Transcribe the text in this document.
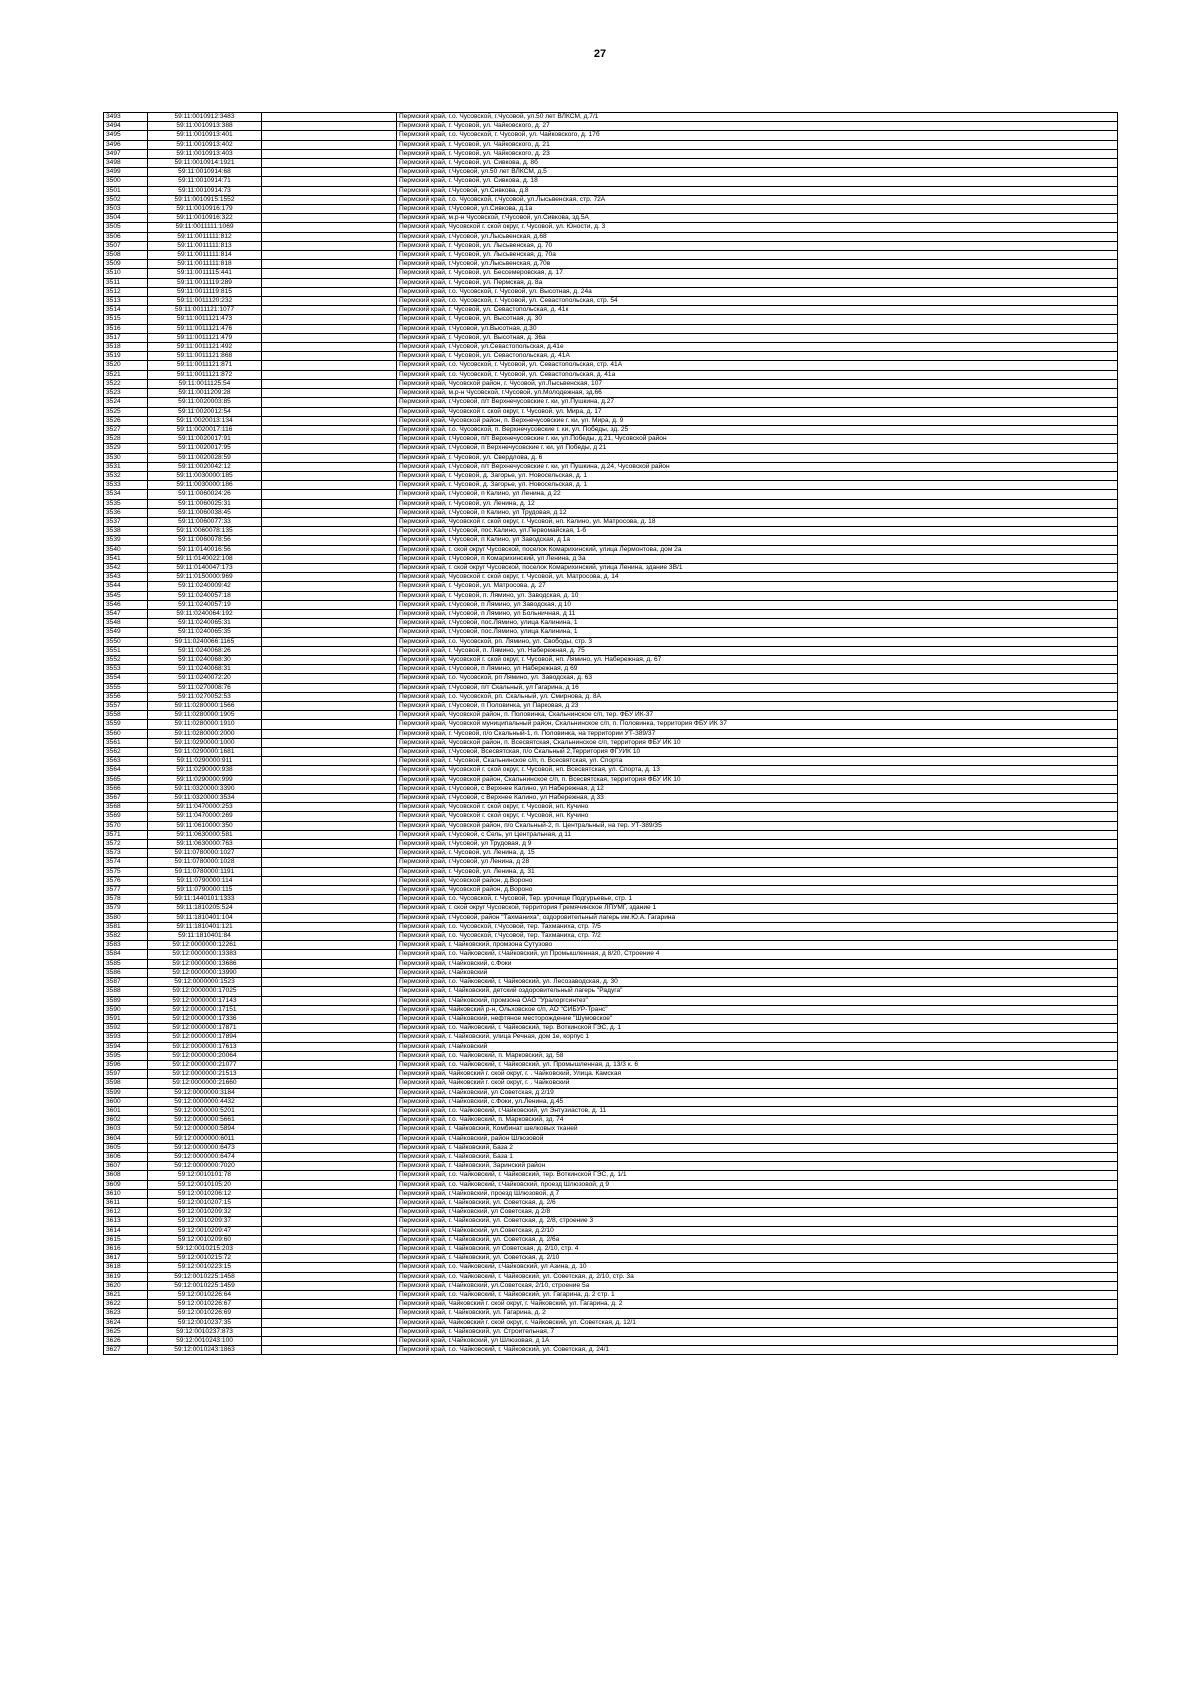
27
3493	59:11:0010912:3483		Пермский край, г.о. Чусовской, г.Чусовой, ул.50 лет ВЛКСМ, д.7/1
3494	59:11:0010913:388		Пермский край, г. Чусовой, ул. Чайковского, д. 27
3495	59:11:0010913:401		Пермский край, г.о. Чусовской, г. Чусовой, ул. Чайковского, д. 17б
3496	59:11:0010913:402		Пермский край, г. Чусовой, ул. Чайковского, д. 21
3497	59:11:0010913:403		Пермский край, г. Чусовой, ул. Чайковского, д. 23
3498	59:11:0010914:1921		Пермский край, г. Чусовой, ул. Сивкова, д. 8б
3499	59:11:0010914:68		Пермский край, г.Чусовой, ул.50 лет ВЛКСМ, д.5
3500	59:11:0010914:71		Пермский край, г. Чусовой, ул. Сивкова, д. 18
3501	59:11:0010914:73		Пермский край, г.Чусовой, ул.Сивкова, д.8
3502	59:11:0010915:1552		Пермский край, г.о. Чусовской, г.Чусовой, ул.Лысьвенская, стр. 72А
3503	59:11:0010916:179		Пермский край, г.Чусовой, ул.Сивкова, д.1а
3504	59:11:0010916:322		Пермский край, м.р-н Чусовской, г.Чусовой, ул.Сивкова, зд.5А
3505	59:11:0011111:1069		Пермский край, Чусовской г. ской округ, г. Чусовой, ул. Юности, д. 3
3506	59:11:0011111:812		Пермский край, г.Чусовой, ул.Лысьвенская, д.68
3507	59:11:0011111:813		Пермский край, г. Чусовой, ул. Лысьвенская, д. 70
3508	59:11:0011111:814		Пермский край, г. Чусовой, ул. Лысьвенская, д. 70а
3509	59:11:0011111:818		Пермский край, г.Чусовой, ул.Лысьвенская, д.70в
3510	59:11:0011115:441		Пермский край, г. Чусовой, ул. Бессемеровская, д. 17
3511	59:11:0011119:289		Пермский край, г. Чусовой, ул. Пермская, д. 8а
3512	59:11:0011119:815		Пермский край, г.о. Чусовской, г. Чусовой, ул. Высотная, д. 24а
3513	59:11:0011120:232		Пермский край, г.о. Чусовской, г. Чусовой, ул. Севастопольская, стр. 54
3514	59:11:0011121:1077		Пермский край, г. Чусовой, ул. Севастопольская, д. 41к
3515	59:11:0011121:473		Пермский край, г. Чусовой, ул. Высотная, д. 30
3516	59:11:0011121:476		Пермский край, г.Чусовой, ул.Высотная, д.30
3517	59:11:0011121:479		Пермский край, г. Чусовой, ул. Высотная, д. 36а
3518	59:11:0011121:492		Пермский край, г.Чусовой, ул.Севастопольская, д.41е
3519	59:11:0011121:868		Пермский край, г. Чусовой, ул. Севастопольская, д. 41А
3520	59:11:0011121:871		Пермский край, г.о. Чусовской, г. Чусовой, ул. Севастопольская, стр. 41А
3521	59:11:0011121:872		Пермский край, г.о. Чусовской, г. Чусовой, ул. Севастопольская, д. 41а
3522	59:11:0011125:54		Пермский край, Чусовской район, г. Чусовой, ул.Лысьвенская, 107
3523	59:11:0011209:28		Пермский край, м.р-н Чусовской, г.Чусовой, ул.Молодежная, зд.66
3524	59:11:0020003:85		Пермский край, г.Чусовой, п/т Верхнечусовские г. ки, ул.Пушкина, д.27
3525	59:11:0020012:54		Пермский край, Чусовской г. ской округ, г. Чусовой, ул. Мира, д. 17
3526	59:11:0020013:134		Пермский край, Чусовской район, п. Верхнечусовские г. ки, ул. Мира, д. 9
3527	59:11:0020017:116		Пермский край, г.о. Чусовской, п. Верхнечусовские г. ки, ул. Победы, зд. 25
3528	59:11:0020017:91		Пермский край, г.Чусовой, п/т Верхнечусовские г. ки, ул.Победы, д.21, Чусовской район
3529	59:11:0020017:95		Пермский край, г.Чусовой, п Верхнечусовские г. ки, ул Победы, д 21
3530	59:11:0020028:59		Пермский край, г. Чусовой, ул. Свердлова, д. 6
3531	59:11:0020042:12		Пермский край, г.Чусовой, п/т Верхнечусовские г. ки, ул Пушкина, д.24, Чусовской район
3532	59:11:0030000:185		Пермский край, г. Чусовой, д. Загорье, ул. Новосельская, д. 1
3533	59:11:0030000:186		Пермский край, г. Чусовой, д. Загорье, ул. Новосельская, д. 1
3534	59:11:0060024:26		Пермский край, г.Чусовой, п Калино, ул Ленина, д 22
3535	59:11:0060025:31		Пермский край, г. Чусовой, ул. Ленина, д. 12
3536	59:11:0060038:45		Пермский край, г.Чусовой, п Калино, ул Трудовая, д 12
3537	59:11:0060077:33		Пермский край, Чусовской г. ской округ, г. Чусовой, нп. Калино, ул. Матросова, д. 18
3538	59:11:0060078:135		Пермский край, г.Чусовой, пос.Калино, ул.Первомайская, 1-б
3539	59:11:0060078:56		Пермский край, г.Чусовой, п Калино, ул Заводская, д 1а
3540	59:11:0140016:56		Пермский край, г. ской округ Чусовской, поселок Комарихинский, улица Лермонтова, дом 2а
3541	59:11:0140022:108		Пермский край, г.Чусовой, п Комарихинский, ул Ленина, д 3а
3542	59:11:0140047:173		Пермский край, г. ской округ Чусовской, поселок Комарихинский, улица Ленина, здание 3В/1
3543	59:11:0150000:969		Пермский край, Чусовской г. ской округ, г. Чусовой, ул. Матросова, д. 14
3544	59:11:0240009:42		Пермский край, г. Чусовой, ул. Матросова, д. 27
3545	59:11:0240057:18		Пермский край, г. Чусовой, п. Лямино, ул. Заводская, д. 10
3546	59:11:0240057:19		Пермский край, г.Чусовой, п Лямино, ул Заводская, д 10
3547	59:11:0240064:192		Пермский край, г.Чусовой, п Лямино, ул Больничная, д 11
3548	59:11:0240065:31		Пермский край, г.Чусовой, пос.Лямино, улица Калинина, 1
3549	59:11:0240065:35		Пермский край, г.Чусовой, пос.Лямино, улица Калинина, 1
3550	59:11:0240066:1165		Пермский край, г.о. Чусовской, рп. Лямино, ул. Свободы, стр. 3
3551	59:11:0240068:26		Пермский край, г. Чусовой, п. Лямино, ул. Набережная, д. 75
3552	59:11:0240068:30		Пермский край, Чусовской г. ской округ, г. Чусовой, нп. Лямино, ул. Набережная, д. 67
3553	59:11:0240068:31		Пермский край, г.Чусовой, п Лямино, ул Набережная, д 69
3554	59:11:0240072:20		Пермский край, г.о. Чусовской, рп Лямино, ул. Заводская, д. 63
3555	59:11:0270008:76		Пермский край, г.Чусовой, п/т Скальный, ул Гагарина, д 16
3556	59:11:0270052:53		Пермский край, г.о. Чусовской, рп. Скальный, ул. Смирнова, д. 8А
3557	59:11:0280000:1566		Пермский край, г.Чусовой, п Половинка, ул Парковая, д 23
3558	59:11:0280000:1905		Пермский край, Чусовской район, п. Половинка, Скальнинское с/п, тер. ФБУ ИК-37
3559	59:11:0280000:1910		Пермский край, Чусовской муниципальный район, Скальнинское с/п, п. Половинка, территория ФБУ ИК 37
3560	59:11:0280000:2000		Пермский край, г. Чусовой, п/о Скальный-1, п. Половинка, на территории УТ-389/37
3561	59:11:0290000:1000		Пермский край, Чусовской район, п. Всесвятская, Скальнинское с/п, территория ФБУ ИК 10
3562	59:11:0290000:1681		Пермский край, г.Чусовой, Всесвятская, п/о Скальный 2,Территория ФГУИК 10
3563	59:11:0290000:911		Пермский край, г. Чусовой, Скальнинское с/п, п. Всесвятская, ул. Спорта
3564	59:11:0290000:938		Пермский край, Чусовской г. ской округ, г. Чусовой, нп. Всесвятская, ул. Спорта, д. 13
3565	59:11:0290000:999		Пермский край, Чусовской район, Скальнинское с/п, п. Всесвятская, территория ФБУ ИК 10
3566	59:11:0320000:3390		Пермский край, г.Чусовой, с Верхнее Калино, ул Набережная, д 12
3567	59:11:0320000:3534		Пермский край, г.Чусовой, с Верхнее Калино, ул Набережная, д 33
3568	59:11:0470000:253		Пермский край, Чусовской г. ской округ, г. Чусовой, нп. Кучино
3569	59:11:0470000:269		Пермский край, Чусовской г. ской округ, г. Чусовой, нп. Кучино
3570	59:11:0610000:350		Пермский край, Чусовской район, п/о Скальный-2, п. Центральный, на тер. УТ-389/35
3571	59:11:0630000:581		Пермский край, г.Чусовой, с Сель, ул Центральная, д 11
3572	59:11:0630000:763		Пермский край, г.Чусовой, ул Трудовая, д 9
3573	59:11:0780000:1027		Пермский край, г. Чусовой, ул. Ленина, д. 15
3574	59:11:0780000:1028		Пермский край, г.Чусовой, ул Ленина, д 28
3575	59:11:0780000:1191		Пермский край, г. Чусовой, ул. Ленина, д. 31
3576	59:11:0790000:114		Пермский край, Чусовской район, д.Вороно
3577	59:11:0790000:115		Пермский край, Чусовской район, д.Вороно
3578	59:11:1440101:1333		Пермский край, г.о. Чусовской, г. Чусовой, Тер. урочище Подгурьевье, стр. 1
3579	59:11:1810205:524		Пермский край, г. ской округ Чусовской, территория Гремячинское ЛПУМГ, здание 1
3580	59:11:1810401:104		Пермский край, г.Чусовой, район "Тахманиха", оздоровительный лагерь им.Ю.А. Гагарина
3581	59:11:1810401:121		Пермский край, г.о. Чусовской, г.Чусовой, тер. Тахманиха, стр. 7/5
3582	59:11:1810401:84		Пермский край, г.о. Чусовской, г.Чусовой, тер. Тахманиха, стр. 7/2
3583	59:12:0000000:12261		Пермский край, г. Чайковский, промзона Сутузово
3584	59:12:0000000:13383		Пермский край, г.о. Чайковский, г.Чайковский, ул Промышленная, д 8/20, Строение 4
3585	59:12:0000000:13686		Пермский край, г.Чайковский, с.Фоки
3586	59:12:0000000:13990		Пермский край, г.Чайковский
3587	59:12:0000000:1523		Пермский край, г.о. Чайковский, г. Чайковский, ул. Лесозаводская, д. 30
3588	59:12:0000000:17025		Пермский край, г. Чайковский, детский оздоровительный лагерь "Радуга"
3589	59:12:0000000:17143		Пермский край, г.Чайковский, промзона ОАО "Уралоргсинтез"
3590	59:12:0000000:17151		Пермский край, Чайковский р-н, Ольховское с/п, АО "СИБУР-Транс"
3591	59:12:0000000:17336		Пермский край, г.Чайковский, нефтяное месторождение "Шумовское"
3592	59:12:0000000:17871		Пермский край, г.о. Чайковский, г. Чайковский, тер. Воткинской ГЭС, д. 1
3593	59:12:0000000:17894		Пермский край, г. Чайковский, улица Речная, дом 1е, корпус 1
3594	59:12:0000000:17613		Пермский край, г.Чайковский
3595	59:12:0000000:20064		Пермский край, г.о. Чайковский, п. Марковский, зд. 58
3596	59:12:0000000:21077		Пермский край, г.о. Чайковский, г. Чайковский, ул. Промышленная, д. 13/3 к. 6
3597	59:12:0000000:21513		Пермский край, Чайковский г. ской округ, г. . Чайковский, Улица. Камская
3598	59:12:0000000:21660		Пермский край, Чайковский г. ской округ, г. . Чайковский
3599	59:12:0000000:3184		Пермский край, г.Чайковский, ул Советская, д 2/19
3600	59:12:0000000:4432		Пермский край, г.Чайковский, с.Фоки, ул.Ленина, д.45
3601	59:12:0000000:5201		Пермский край, г.о. Чайковский, г.Чайковский, ул Энтузиастов, д. 11
3602	59:12:0000000:5661		Пермский край, г.о. Чайковский, п. Марковский, зд. 74
3603	59:12:0000000:5894		Пермский край, г. Чайковский, Комбинат шелковых тканей
3604	59:12:0000000:6011		Пермский край, г.Чайковский, район Шлюзовой
3605	59:12:0000000:6473		Пермский край, г. Чайковский, База 2
3606	59:12:0000000:6474		Пермский край, г. Чайковский, База 1
3607	59:12:0000000:7020		Пермский край, г. Чайковский, Заринский район
3608	59:12:0010101:78		Пермский край, г.о. Чайковский, г. Чайковский, тер. Воткинской ГЭС, д. 1/1
3609	59:12:0010105:20		Пермский край, г.о. Чайковский, г.Чайковский, проезд Шлюзовой, д 9
3610	59:12:0010206:12		Пермский край, г.Чайковский, проезд Шлюзовой, д 7
3611	59:12:0010207:15		Пермский край, г. Чайковский, ул. Советская, д. 2/6
3612	59:12:0010209:32		Пермский край, г.Чайковский, ул Советская, д 2/8
3613	59:12:0010209:37		Пермский край, г. Чайковский, ул. Советская, д. 2/8, строение 3
3614	59:12:0010209:47		Пермский край, г.Чайковский, ул.Советская, д.2/10
3615	59:12:0010209:60		Пермский край, г. Чайковский, ул. Советская, д. 2/6а
3616	59:12:0010215:203		Пермский край, г. Чайковский, ул Советская, д. 2/10, стр. 4
3617	59:12:0010215:72		Пермский край, г. Чайковский, ул. Советская, д. 2/10
3618	59:12:0010223:15		Пермский край, г.о. Чайковский, г.Чайковский, ул Азина, д. 10
3619	59:12:0010225:1458		Пермский край, г.о. Чайковский, г. Чайковский, ул. Советская, д. 2/10, стр. 3а
3620	59:12:0010225:1459		Пермский край, г.Чайковский, ул.Советская, 2/10, строение 5а
3621	59:12:0010226:64		Пермский край, г.о. Чайковский, г. Чайковский, ул. Гагарина, д. 2 стр. 1
3622	59:12:0010226:67		Пермский край, Чайковский г. ской округ, г. Чайковский, ул. Гагарина, д. 2
3623	59:12:0010226:69		Пермский край, г. Чайковский, ул. Гагарина, д. 2
3624	59:12:0010237:35		Пермский край, Чайковский г. ской округ, г. Чайковский, ул. Советская, д. 12/1
3625	59:12:0010237:873		Пермский край, г. Чайковский, ул. Строительная, 7
3626	59:12:0010243:100		Пермский край, г.Чайковский, ул Шлюзовая, д 1А
3627	59:12:0010243:1863		Пермский край, г.о. Чайковский, г. Чайковский, ул. Советская, д. 24/1
